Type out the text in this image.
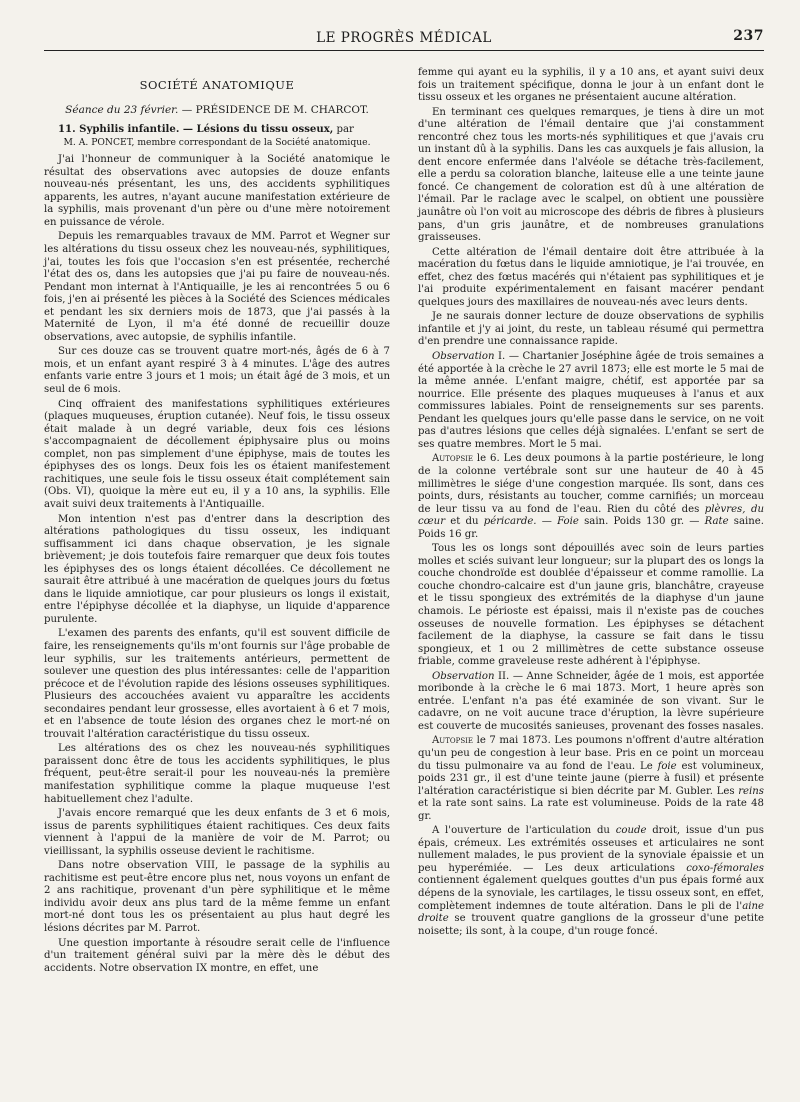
LE PROGRÈS MÉDICAL	237
SOCIÉTÉ ANATOMIQUE
Séance du 23 février. — PRÉSIDENCE DE M. CHARCOT.

11. Syphilis infantile. — Lésions du tissu osseux, par

M. A. PONCET, membre correspondant de la Société anatomique.

J'ai l'honneur de communiquer à la Société anatomique le résultat des observations avec autopsies de douze enfants nouveau-nés présentant, les uns, des accidents syphilitiques apparents, les autres, n'ayant aucune manifestation extérieure de la syphilis, mais provenant d'un père ou d'une mère notoirement en puissance de vérole.

Depuis les remarquables travaux de MM. Parrot et Wegner sur les altérations du tissu osseux chez les nouveau-nés, syphilitiques, j'ai, toutes les fois que l'occasion s'en est présentée, recherché l'état des os, dans les autopsies que j'ai pu faire de nouveau-nés. Pendant mon internat à l'Antiquaille, je les ai rencontrées 5 ou 6 fois, j'en ai présenté les pièces à la Société des Sciences médicales et pendant les six derniers mois de 1873, que j'ai passés à la Maternité de Lyon, il m'a été donné de recueillir douze observations, avec autopsie, de syphilis infantile.

Sur ces douze cas se trouvent quatre mort-nés, âgés de 6 à 7 mois, et un enfant ayant respiré 3 à 4 minutes. L'âge des autres enfants varie entre 3 jours et 1 mois; un était âgé de 3 mois, et un seul de 6 mois.

Cinq offraient des manifestations syphilitiques extérieures (plaques muqueuses, éruption cutanée). Neuf fois, le tissu osseux était malade à un degré variable, deux fois ces lésions s'accompagnaient de décollement épiphysaire plus ou moins complet, non pas simplement d'une épiphyse, mais de toutes les épiphyses des os longs. Deux fois les os étaient manifestement rachitiques, une seule fois le tissu osseux était complétement sain (Obs. VI), quoique la mère eut eu, il y a 10 ans, la syphilis. Elle avait suivi deux traitements à l'Antiquaille.

Mon intention n'est pas d'entrer dans la description des altérations pathologiques du tissu osseux, les indiquant suffisamment ici dans chaque observation, je les signale brièvement; je dois toutefois faire remarquer que deux fois toutes les épiphyses des os longs étaient décollées. Ce décollement ne saurait être attribué à une macération de quelques jours du fœtus dans le liquide amniotique, car pour plusieurs os longs il existait, entre l'épiphyse décollée et la diaphyse, un liquide d'apparence purulente.

L'examen des parents des enfants, qu'il est souvent difficile de faire, les renseignements qu'ils m'ont fournis sur l'âge probable de leur syphilis, sur les traitements antérieurs, permettent de soulever une question des plus intéressantes: celle de l'apparition précoce et de l'évolution rapide des lésions osseuses syphilitiques. Plusieurs des accouchées avaient vu apparaître les accidents secondaires pendant leur grossesse, elles avortaient à 6 et 7 mois, et en l'absence de toute lésion des organes chez le mort-né on trouvait l'altération caractéristique du tissu osseux.

Les altérations des os chez les nouveau-nés syphilitiques paraissent donc être de tous les accidents syphilitiques, le plus fréquent, peut-être serait-il pour les nouveau-nés la première manifestation syphilitique comme la plaque muqueuse l'est habituellement chez l'adulte.

J'avais encore remarqué que les deux enfants de 3 et 6 mois, issus de parents syphilitiques étaient rachitiques. Ces deux faits viennent à l'appui de la manière de voir de M. Parrot; ou vieillissant, la syphilis osseuse devient le rachitisme.

Dans notre observation VIII, le passage de la syphilis au rachitisme est peut-être encore plus net, nous voyons un enfant de 2 ans rachitique, provenant d'un père syphilitique et le même individu avoir deux ans plus tard de la même femme un enfant mort-né dont tous les os présentaient au plus haut degré les lésions décrites par M. Parrot.

Une question importante à résoudre serait celle de l'influence d'un traitement général suivi par la mère dès le début des accidents. Notre observation IX montre, en effet, une

femme qui ayant eu la syphilis, il y a 10 ans, et ayant suivi deux fois un traitement spécifique, donna le jour à un enfant dont le tissu osseux et les organes ne présentaient aucune altération.

En terminant ces quelques remarques, je tiens à dire un mot d'une altération de l'émail dentaire que j'ai constamment rencontré chez tous les morts-nés syphilitiques et que j'avais cru un instant dû à la syphilis. Dans les cas auxquels je fais allusion, la dent encore enfermée dans l'alvéole se détache très-facilement, elle a perdu sa coloration blanche, laiteuse elle a une teinte jaune foncé. Ce changement de coloration est dû à une altération de l'émail. Par le raclage avec le scalpel, on obtient une poussière jaunâtre où l'on voit au microscope des débris de fibres à plusieurs pans, d'un gris jaunâtre, et de nombreuses granulations graisseuses.

Cette altération de l'émail dentaire doit être attribuée à la macération du fœtus dans le liquide amniotique, je l'ai trouvée, en effet, chez des fœtus macérés qui n'étaient pas syphilitiques et je l'ai produite expérimentalement en faisant macérer pendant quelques jours des maxillaires de nouveau-nés avec leurs dents.

Je ne saurais donner lecture de douze observations de syphilis infantile et j'y ai joint, du reste, un tableau résumé qui permettra d'en prendre une connaissance rapide.

Observation I. — Chartanier Joséphine âgée de trois semaines a été apportée à la crèche le 27 avril 1873; elle est morte le 5 mai de la même année. L'enfant maigre, chétif, est apportée par sa nourrice. Elle présente des plaques muqueuses à l'anus et aux commissures labiales. Point de renseignements sur ses parents. Pendant les quelques jours qu'elle passe dans le service, on ne voit pas d'autres lésions que celles déjà signalées. L'enfant se sert de ses quatre membres. Mort le 5 mai.

Autopsie le 6. Les deux poumons à la partie postérieure, le long de la colonne vertébrale sont sur une hauteur de 40 à 45 millimètres le siége d'une congestion marquée. Ils sont, dans ces points, durs, résistants au toucher, comme carnifiés; un morceau de leur tissu va au fond de l'eau. Rien du côté des plèvres, du cœur et du péricarde. — Foie sain. Poids 130 gr. — Rate saine. Poids 16 gr.

Tous les os longs sont dépouillés avec soin de leurs parties molles et sciés suivant leur longueur; sur la plupart des os longs la couche chondroïde est doublée d'épaisseur et comme ramollie. La couche chondro-calcaire est d'un jaune gris, blanchâtre, crayeuse et le tissu spongieux des extrémités de la diaphyse d'un jaune chamois. Le périoste est épaissi, mais il n'existe pas de couches osseuses de nouvelle formation. Les épiphyses se détachent facilement de la diaphyse, la cassure se fait dans le tissu spongieux, et 1 ou 2 millimètres de cette substance osseuse friable, comme graveleuse reste adhérent à l'épiphyse.

Observation II. — Anne Schneider, âgée de 1 mois, est apportée moribonde à la crèche le 6 mai 1873. Mort, 1 heure après son entrée. L'enfant n'a pas été examinée de son vivant. Sur le cadavre, on ne voit aucune trace d'éruption, la lèvre supérieure est couverte de mucosités sanieuses, provenant des fosses nasales.

Autopsie le 7 mai 1873. Les poumons n'offrent d'autre altération qu'un peu de congestion à leur base. Pris en ce point un morceau du tissu pulmonaire va au fond de l'eau. Le foie est volumineux, poids 231 gr., il est d'une teinte jaune (pierre à fusil) et présente l'altération caractéristique si bien décrite par M. Gubler. Les reins et la rate sont sains. La rate est volumineuse. Poids de la rate 48 gr.

A l'ouverture de l'articulation du coude droit, issue d'un pus épais, crémeux. Les extrémités osseuses et articulaires ne sont nullement malades, le pus provient de la synoviale épaissie et un peu hyperémiée. — Les deux articulations coxo-fémorales contiennent également quelques gouttes d'un pus épais formé aux dépens de la synoviale, les cartilages, le tissu osseux sont, en effet, complètement indemnes de toute altération. Dans le pli de l'aine droite se trouvent quatre ganglions de la grosseur d'une petite noisette; ils sont, à la coupe, d'un rouge foncé.
